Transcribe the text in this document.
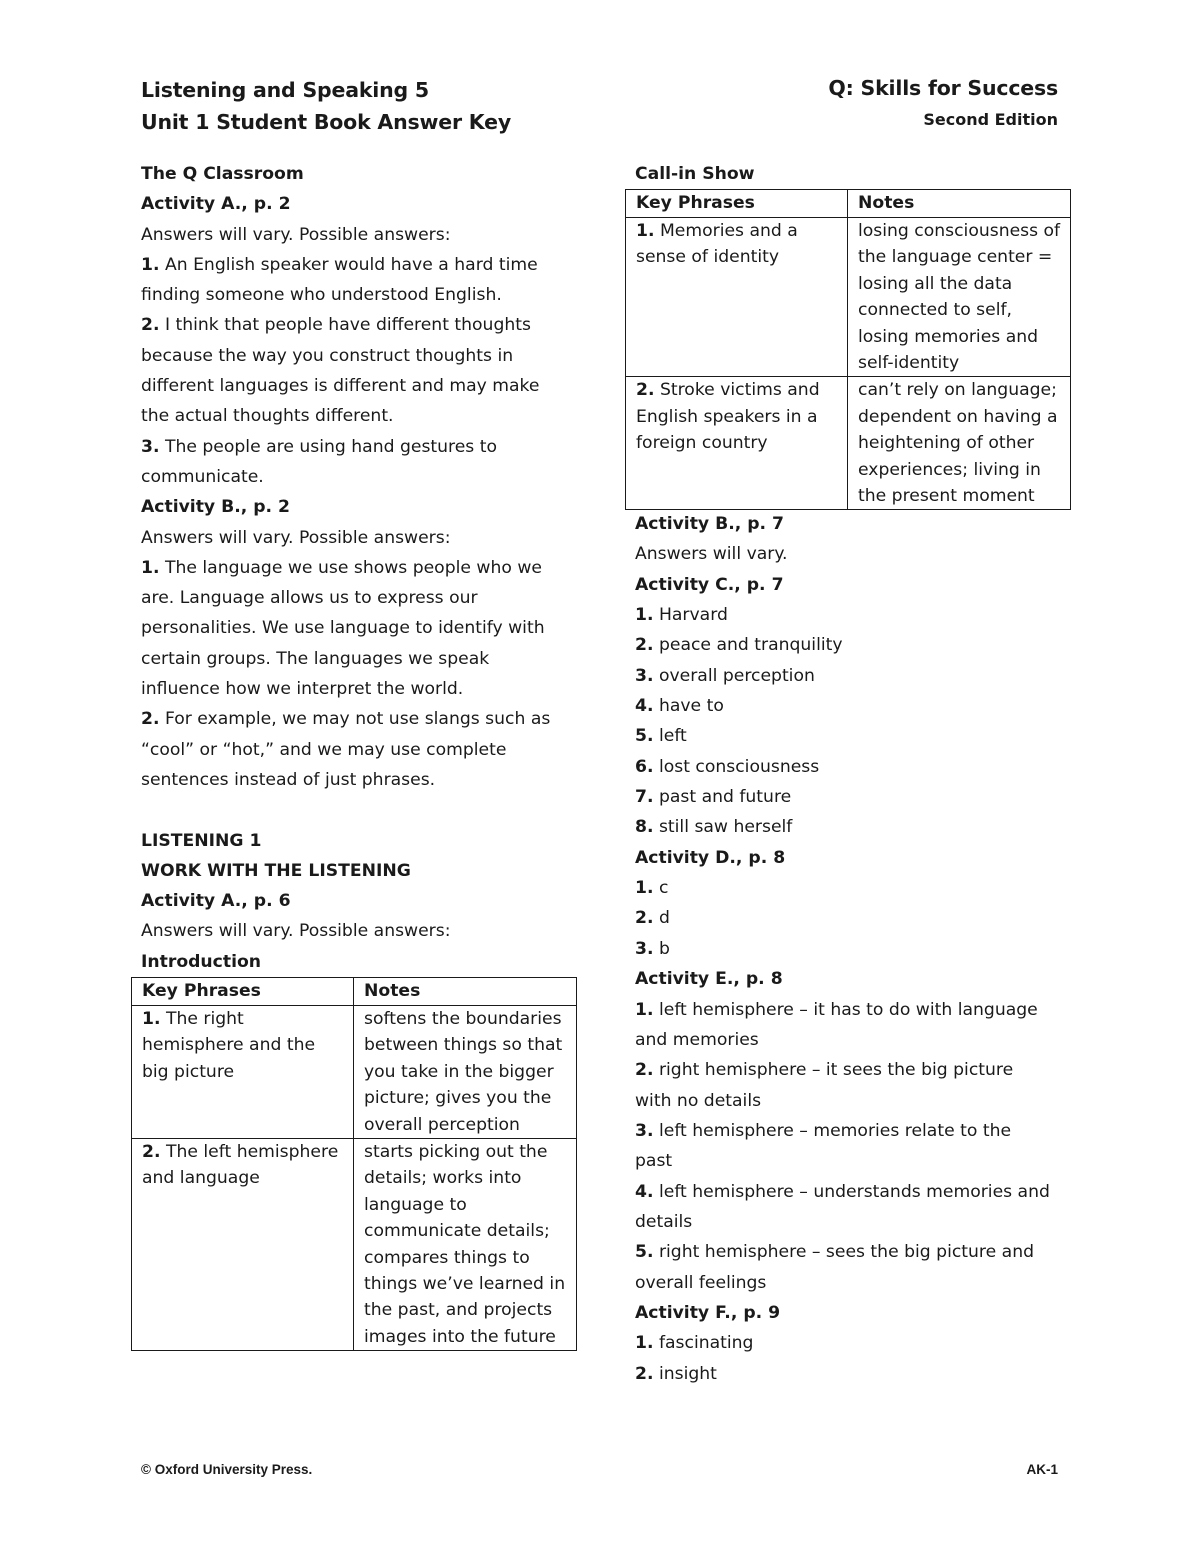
Listening and Speaking 5
Unit 1 Student Book Answer Key
Q: Skills for Success
Second Edition
The Q Classroom
Activity A., p. 2
Answers will vary. Possible answers:
1. An English speaker would have a hard time
finding someone who understood English.
2. I think that people have different thoughts
because the way you construct thoughts in
different languages is different and may make
the actual thoughts different.
3. The people are using hand gestures to
communicate.
Activity B., p. 2
Answers will vary. Possible answers:
1. The language we use shows people who we
are. Language allows us to express our
personalities. We use language to identify with
certain groups. The languages we speak
influence how we interpret the world.
2. For example, we may not use slangs such as
“cool” or “hot,” and we may use complete
sentences instead of just phrases.
LISTENING 1
WORK WITH THE LISTENING
Activity A., p. 6
Answers will vary. Possible answers:
Introduction
Key Phrases	Notes
1. The right hemisphere and the big picture	softens the boundaries between things so that you take in the bigger picture; gives you the overall perception
2. The left hemisphere and language	starts picking out the details; works into language to communicate details; compares things to things we’ve learned in the past, and projects images into the future
Call-in Show
Key Phrases	Notes
1. Memories and a sense of identity	losing consciousness of the language center = losing all the data connected to self, losing memories and self-identity
2. Stroke victims and English speakers in a foreign country	can’t rely on language; dependent on having a heightening of other experiences; living in the present moment
Activity B., p. 7
Answers will vary.
Activity C., p. 7
1. Harvard
2. peace and tranquility
3. overall perception
4. have to
5. left
6. lost consciousness
7. past and future
8. still saw herself
Activity D., p. 8
1. c
2. d
3. b
Activity E., p. 8
1. left hemisphere – it has to do with language
and memories
2. right hemisphere – it sees the big picture
with no details
3. left hemisphere – memories relate to the
past
4. left hemisphere – understands memories and
details
5. right hemisphere – sees the big picture and
overall feelings
Activity F., p. 9
1. fascinating
2. insight
© Oxford University Press.	AK-1
